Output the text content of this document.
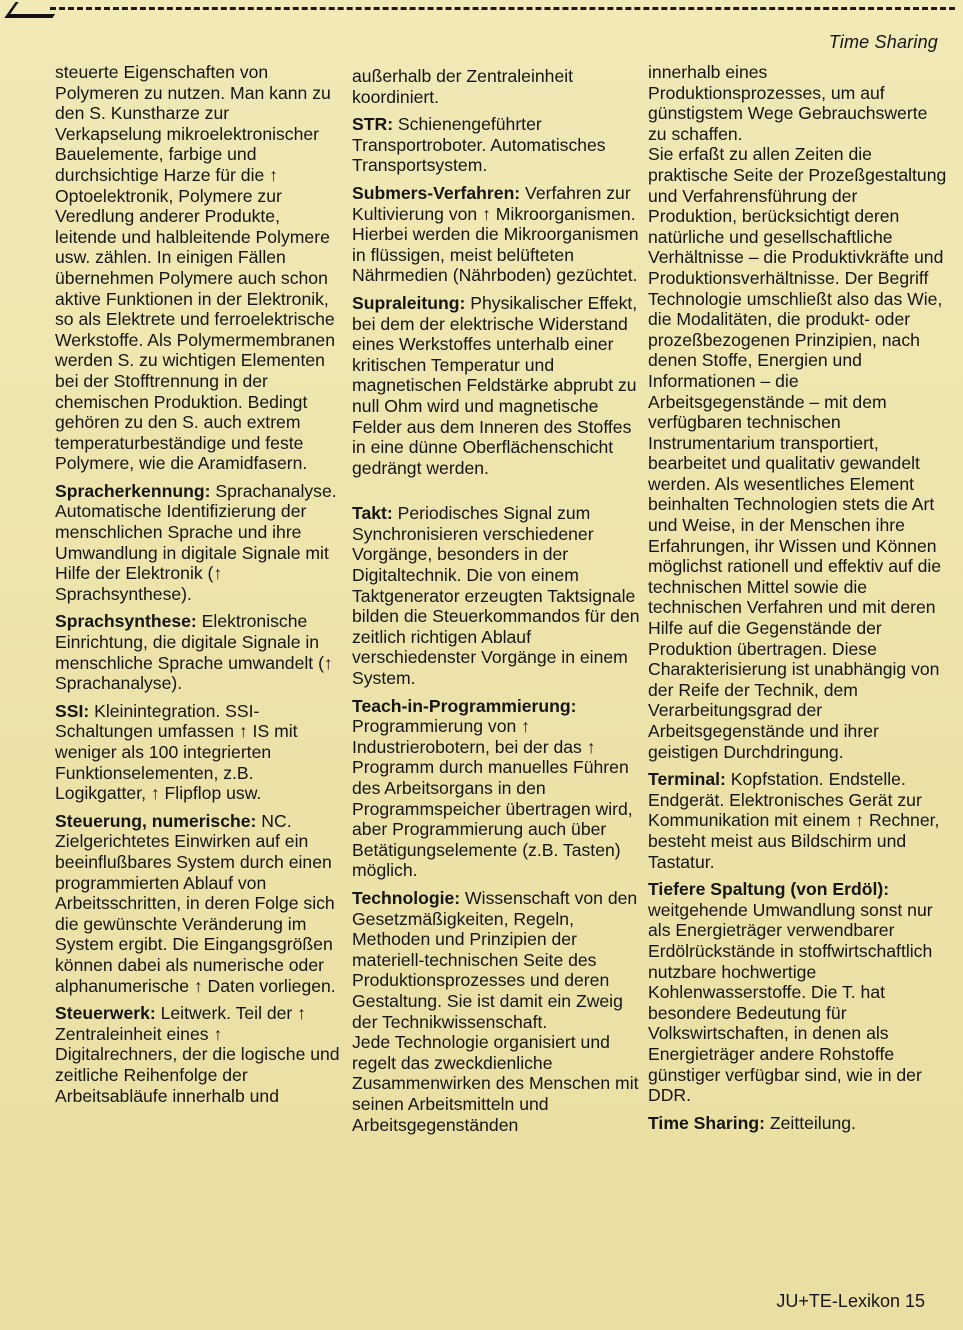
Time Sharing

steuerte Eigenschaften von Polymeren zu nutzen. Man kann zu den S. Kunstharze zur Verkapselung mikroelektronischer Bauelemente, farbige und durchsichtige Harze für die ↑ Optoelektronik, Polymere zur Veredlung anderer Produkte, leitende und halbleitende Polymere usw. zählen. In einigen Fällen übernehmen Polymere auch schon aktive Funktionen in der Elektronik, so als Elektrete und ferroelektrische Werkstoffe. Als Polymermembranen werden S. zu wichtigen Elementen bei der Stofftrennung in der chemischen Produktion. Bedingt gehören zu den S. auch extrem temperaturbeständige und feste Polymere, wie die Aramidfasern.

Spracherkennung: Sprachanalyse. Automatische Identifizierung der menschlichen Sprache und ihre Umwandlung in digitale Signale mit Hilfe der Elektronik (↑ Sprachsynthese).

Sprachsynthese: Elektronische Einrichtung, die digitale Signale in menschliche Sprache umwandelt (↑ Sprachanalyse).

SSI: Kleinintegration. SSI-Schaltungen umfassen ↑ IS mit weniger als 100 integrierten Funktionselementen, z.B. Logikgatter, ↑ Flipflop usw.

Steuerung, numerische: NC. Zielgerichtetes Einwirken auf ein beeinflußbares System durch einen programmierten Ablauf von Arbeitsschritten, in deren Folge sich die gewünschte Veränderung im System ergibt. Die Eingangsgrößen können dabei als numerische oder alphanumerische ↑ Daten vorliegen.

Steuerwerk: Leitwerk. Teil der ↑ Zentraleinheit eines ↑ Digitalrechners, der die logische und zeitliche Reihenfolge der Arbeitsabläufe innerhalb und

außerhalb der Zentraleinheit koordiniert.

STR: Schienengeführter Transportroboter. Automatisches Transportsystem.

Submers-Verfahren: Verfahren zur Kultivierung von ↑ Mikroorganismen. Hierbei werden die Mikroorganismen in flüssigen, meist belüfteten Nährmedien (Nährboden) gezüchtet.

Supraleitung: Physikalischer Effekt, bei dem der elektrische Widerstand eines Werkstoffes unterhalb einer kritischen Temperatur und magnetischen Feldstärke abprubt zu null Ohm wird und magnetische Felder aus dem Inneren des Stoffes in eine dünne Oberflächenschicht gedrängt werden.

Takt: Periodisches Signal zum Synchronisieren verschiedener Vorgänge, besonders in der Digitaltechnik. Die von einem Taktgenerator erzeugten Taktsignale bilden die Steuerkommandos für den zeitlich richtigen Ablauf verschiedenster Vorgänge in einem System.

Teach-in-Programmierung: Programmierung von ↑ Industrierobotern, bei der das ↑ Programm durch manuelles Führen des Arbeitsorgans in den Programmspeicher übertragen wird, aber Programmierung auch über Betätigungselemente (z.B. Tasten) möglich.

Technologie: Wissenschaft von den Gesetzmäßigkeiten, Regeln, Methoden und Prinzipien der materiell-technischen Seite des Produktionsprozesses und deren Gestaltung. Sie ist damit ein Zweig der Technikwissenschaft.

Jede Technologie organisiert und regelt das zweckdienliche Zusammenwirken des Menschen mit seinen Arbeitsmitteln und Arbeitsgegenständen

innerhalb eines Produktionsprozesses, um auf günstigstem Wege Gebrauchswerte zu schaffen.

Sie erfaßt zu allen Zeiten die praktische Seite der Prozeßgestaltung und Verfahrensführung der Produktion, berücksichtigt deren natürliche und gesellschaftliche Verhältnisse – die Produktivkräfte und Produktionsverhältnisse. Der Begriff Technologie umschließt also das Wie, die Modalitäten, die produkt- oder prozeßbezogenen Prinzipien, nach denen Stoffe, Energien und Informationen – die Arbeitsgegenstände – mit dem verfügbaren technischen Instrumentarium transportiert, bearbeitet und qualitativ gewandelt werden. Als wesentliches Element beinhalten Technologien stets die Art und Weise, in der Menschen ihre Erfahrungen, ihr Wissen und Können möglichst rationell und effektiv auf die technischen Mittel sowie die technischen Verfahren und mit deren Hilfe auf die Gegenstände der Produktion übertragen. Diese Charakterisierung ist unabhängig von der Reife der Technik, dem Verarbeitungsgrad der Arbeitsgegenstände und ihrer geistigen Durchdringung.

Terminal: Kopfstation. Endstelle. Endgerät. Elektronisches Gerät zur Kommunikation mit einem ↑ Rechner, besteht meist aus Bildschirm und Tastatur.

Tiefere Spaltung (von Erdöl): weitgehende Umwandlung sonst nur als Energieträger verwendbarer Erdölrückstände in stoffwirtschaftlich nutzbare hochwertige Kohlenwasserstoffe. Die T. hat besondere Bedeutung für Volkswirtschaften, in denen als Energieträger andere Rohstoffe günstiger verfügbar sind, wie in der DDR.

Time Sharing: Zeitteilung.

JU+TE-Lexikon 15
